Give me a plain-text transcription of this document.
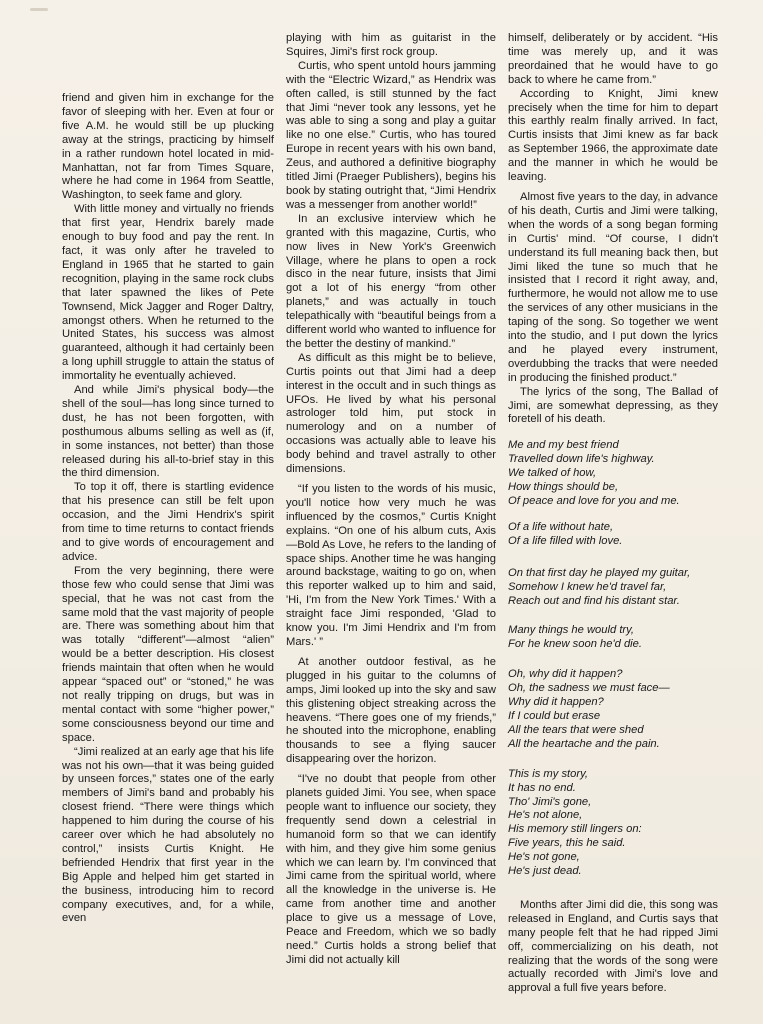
friend and given him in exchange for the favor of sleeping with her. Even at four or five A.M. he would still be up plucking away at the strings, practicing by himself in a rather rundown hotel located in mid-Manhattan, not far from Times Square, where he had come in 1964 from Seattle, Washington, to seek fame and glory.

With little money and virtually no friends that first year, Hendrix barely made enough to buy food and pay the rent. In fact, it was only after he traveled to England in 1965 that he started to gain recognition, playing in the same rock clubs that later spawned the likes of Pete Townsend, Mick Jagger and Roger Daltry, amongst others. When he returned to the United States, his success was almost guaranteed, although it had certainly been a long uphill struggle to attain the status of immortality he eventually achieved.

And while Jimi's physical body—the shell of the soul—has long since turned to dust, he has not been forgotten, with posthumous albums selling as well as (if, in some instances, not better) than those released during his all-to-brief stay in this the third dimension.

To top it off, there is startling evidence that his presence can still be felt upon occasion, and the Jimi Hendrix's spirit from time to time returns to contact friends and to give words of encouragement and advice.

From the very beginning, there were those few who could sense that Jimi was special, that he was not cast from the same mold that the vast majority of people are. There was something about him that was totally “different”—almost “alien” would be a better description. His closest friends maintain that often when he would appear “spaced out” or “stoned,” he was not really tripping on drugs, but was in mental contact with some “higher power,” some consciousness beyond our time and space.

“Jimi realized at an early age that his life was not his own—that it was being guided by unseen forces,” states one of the early members of Jimi's band and probably his closest friend. “There were things which happened to him during the course of his career over which he had absolutely no control,” insists Curtis Knight. He befriended Hendrix that first year in the Big Apple and helped him get started in the business, introducing him to record company executives, and, for a while, even

playing with him as guitarist in the Squires, Jimi's first rock group.

Curtis, who spent untold hours jamming with the “Electric Wizard,” as Hendrix was often called, is still stunned by the fact that Jimi “never took any lessons, yet he was able to sing a song and play a guitar like no one else.” Curtis, who has toured Europe in recent years with his own band, Zeus, and authored a definitive biography titled Jimi (Praeger Publishers), begins his book by stating outright that, “Jimi Hendrix was a messenger from another world!”

In an exclusive interview which he granted with this magazine, Curtis, who now lives in New York's Greenwich Village, where he plans to open a rock disco in the near future, insists that Jimi got a lot of his energy “from other planets,” and was actually in touch telepathically with “beautiful beings from a different world who wanted to influence for the better the destiny of mankind.”

As difficult as this might be to believe, Curtis points out that Jimi had a deep interest in the occult and in such things as UFOs. He lived by what his personal astrologer told him, put stock in numerology and on a number of occasions was actually able to leave his body behind and travel astrally to other dimensions.

“If you listen to the words of his music, you'll notice how very much he was influenced by the cosmos,” Curtis Knight explains. “On one of his album cuts, Axis—Bold As Love, he refers to the landing of space ships. Another time he was hanging around backstage, waiting to go on, when this reporter walked up to him and said, 'Hi, I'm from the New York Times.' With a straight face Jimi responded, 'Glad to know you. I'm Jimi Hendrix and I'm from Mars.' ”

At another outdoor festival, as he plugged in his guitar to the columns of amps, Jimi looked up into the sky and saw this glistening object streaking across the heavens. “There goes one of my friends,” he shouted into the microphone, enabling thousands to see a flying saucer disappearing over the horizon.

“I've no doubt that people from other planets guided Jimi. You see, when space people want to influence our society, they frequently send down a celestrial in humanoid form so that we can identify with him, and they give him some genius which we can learn by. I'm convinced that Jimi came from the spiritual world, where all the knowledge in the universe is. He came from another time and another place to give us a message of Love, Peace and Freedom, which we so badly need.” Curtis holds a strong belief that Jimi did not actually kill

himself, deliberately or by accident. “His time was merely up, and it was preordained that he would have to go back to where he came from.”

According to Knight, Jimi knew precisely when the time for him to depart this earthly realm finally arrived. In fact, Curtis insists that Jimi knew as far back as September 1966, the approximate date and the manner in which he would be leaving.

Almost five years to the day, in advance of his death, Curtis and Jimi were talking, when the words of a song began forming in Curtis' mind. “Of course, I didn't understand its full meaning back then, but Jimi liked the tune so much that he insisted that I record it right away, and, furthermore, he would not allow me to use the services of any other musicians in the taping of the song. So together we went into the studio, and I put down the lyrics and he played every instrument, overdubbing the tracks that were needed in producing the finished product.”

The lyrics of the song, The Ballad of Jimi, are somewhat depressing, as they foretell of his death.

Me and my best friend
Travelled down life's highway.
We talked of how,
How things should be,
Of peace and love for you and me.
Of a life without hate,
Of a life filled with love.
On that first day he played my guitar,
Somehow I knew he'd travel far,
Reach out and find his distant star.
Many things he would try,
For he knew soon he'd die.
Oh, why did it happen?
Oh, the sadness we must face—
Why did it happen?
If I could but erase
All the tears that were shed
All the heartache and the pain.
This is my story,
It has no end.
Tho' Jimi's gone,
He's not alone,
His memory still lingers on:
Five years, this he said.
He's not gone,
He's just dead.

Months after Jimi did die, this song was released in England, and Curtis says that many people felt that he had ripped Jimi off, commercializing on his death, not realizing that the words of the song were actually recorded with Jimi's love and approval a full five years before.
